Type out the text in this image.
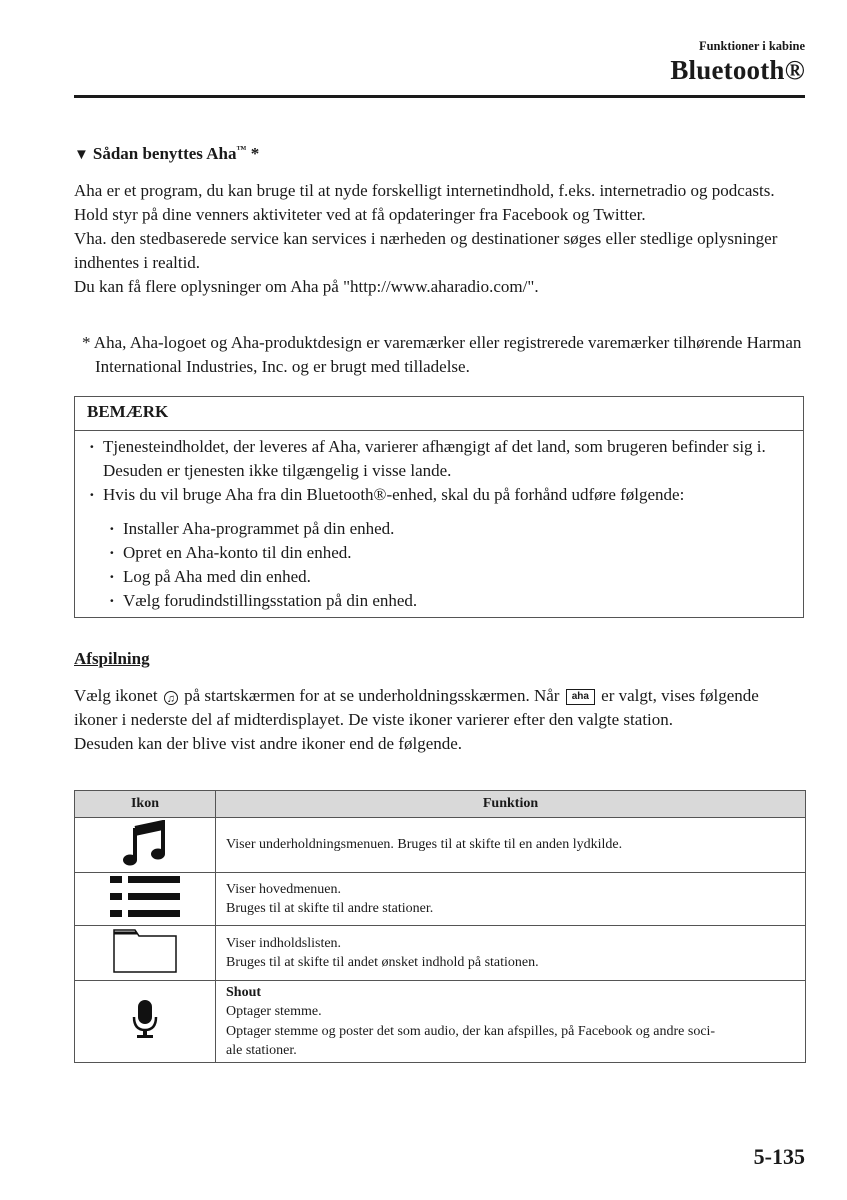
Funktioner i kabine
Bluetooth®
▼ Sådan benyttes Aha™ *

Aha er et program, du kan bruge til at nyde forskelligt internetindhold, f.eks. internetradio og podcasts.

Hold styr på dine venners aktiviteter ved at få opdateringer fra Facebook og Twitter.

Vha. den stedbaserede service kan services i nærheden og destinationer søges eller stedlige oplysninger indhentes i realtid.

Du kan få flere oplysninger om Aha på "http://www.aharadio.com/".

* Aha, Aha-logoet og Aha-produktdesign er varemærker eller registrerede varemærker tilhørende Harman International Industries, Inc. og er brugt med tilladelse.
BEMÆRK
· Tjenesteindholdet, der leveres af Aha, varierer afhængigt af det land, som brugeren befinder sig i. Desuden er tjenesten ikke tilgængelig i visse lande.
· Hvis du vil bruge Aha fra din Bluetooth®-enhed, skal du på forhånd udføre følgende:
· Installer Aha-programmet på din enhed.
· Opret en Aha-konto til din enhed.
· Log på Aha med din enhed.
· Vælg forudindstillingsstation på din enhed.
Afspilning

Vælg ikonet ♫ på startskærmen for at se underholdningsskærmen. Når aha er valgt, vises følgende ikoner i nederste del af midterdisplayet. De viste ikoner varierer efter den valgte station.

Desuden kan der blive vist andre ikoner end de følgende.

Ikon	Funktion

Viser underholdningsmenuen. Bruges til at skifte til en anden lydkilde.

Viser hovedmenuen.
Bruges til at skifte til andre stationer.

Viser indholdslisten.
Bruges til at skifte til andet ønsket indhold på stationen.

Shout
Optager stemme.
Optager stemme og poster det som audio, der kan afspilles, på Facebook og andre soci-
ale stationer.
5-135
